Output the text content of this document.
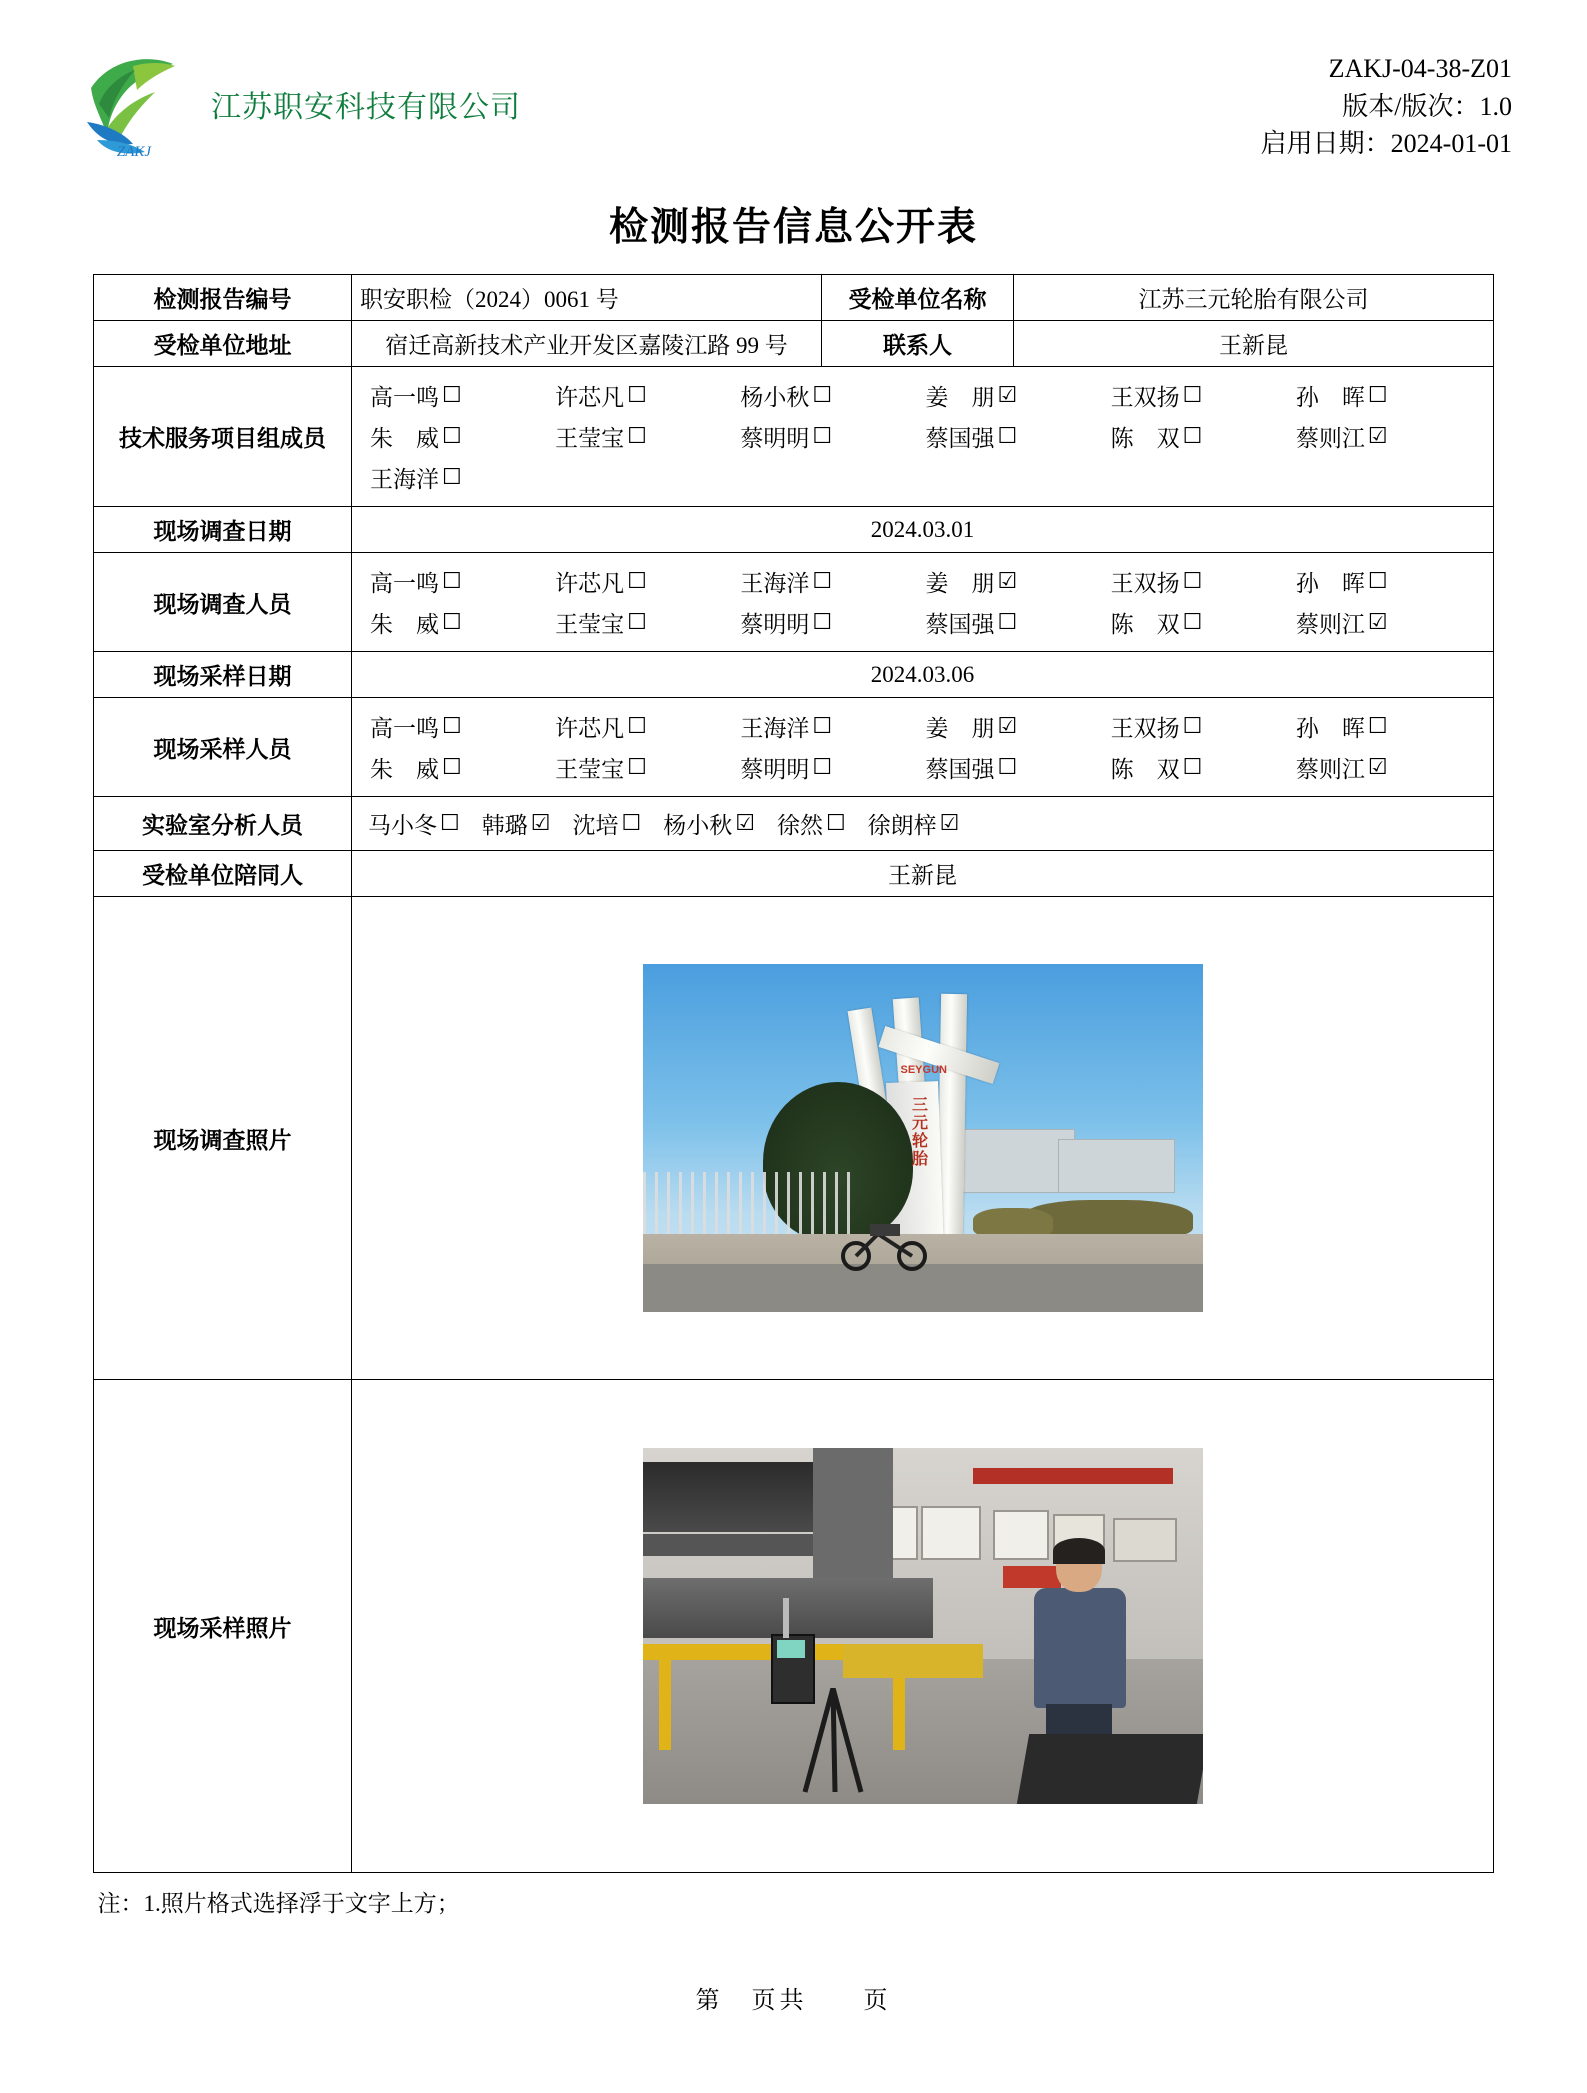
ZAKJ
江苏职安科技有限公司
ZAKJ-04-38-Z01
版本/版次：1.0
启用日期：2024-01-01
检测报告信息公开表
检测报告编号	职安职检（2024）0061 号	受检单位名称	江苏三元轮胎有限公司
受检单位地址	宿迁高新技术产业开发区嘉陵江路 99 号	联系人	王新昆
技术服务项目组成员	
高一鸣 ☐	许芯凡 ☐	杨小秋 ☐	姜　朋 ☑	王双扬 ☐	孙　晖 ☐
朱　威 ☐	王莹宝 ☐	蔡明明 ☐	蔡国强 ☐	陈　双 ☐	蔡则江 ☑
王海洋 ☐

现场调查日期	2024.03.01		
现场调查人员	
高一鸣 ☐	许芯凡 ☐	王海洋 ☐	姜　朋 ☑	王双扬 ☐	孙　晖 ☐
朱　威 ☐	王莹宝 ☐	蔡明明 ☐	蔡国强 ☐	陈　双 ☐	蔡则江 ☑

现场采样日期	2024.03.06		
现场采样人员	
高一鸣 ☐	许芯凡 ☐	王海洋 ☐	姜　朋 ☑	王双扬 ☐	孙　晖 ☐
朱　威 ☐	王莹宝 ☐	蔡明明 ☐	蔡国强 ☐	陈　双 ☐	蔡则江 ☑

实验室分析人员	马小冬 ☐ 韩璐 ☑ 沈培 ☐ 杨小秋 ☑ 徐然 ☐ 徐朗梓 ☑

受检单位陪同人	王新昆		
现场调查照片	三元轮胎
SEYGUN		

现场采样照片	
注：1.照片格式选择浮于文字上方；
第　页共　　页
